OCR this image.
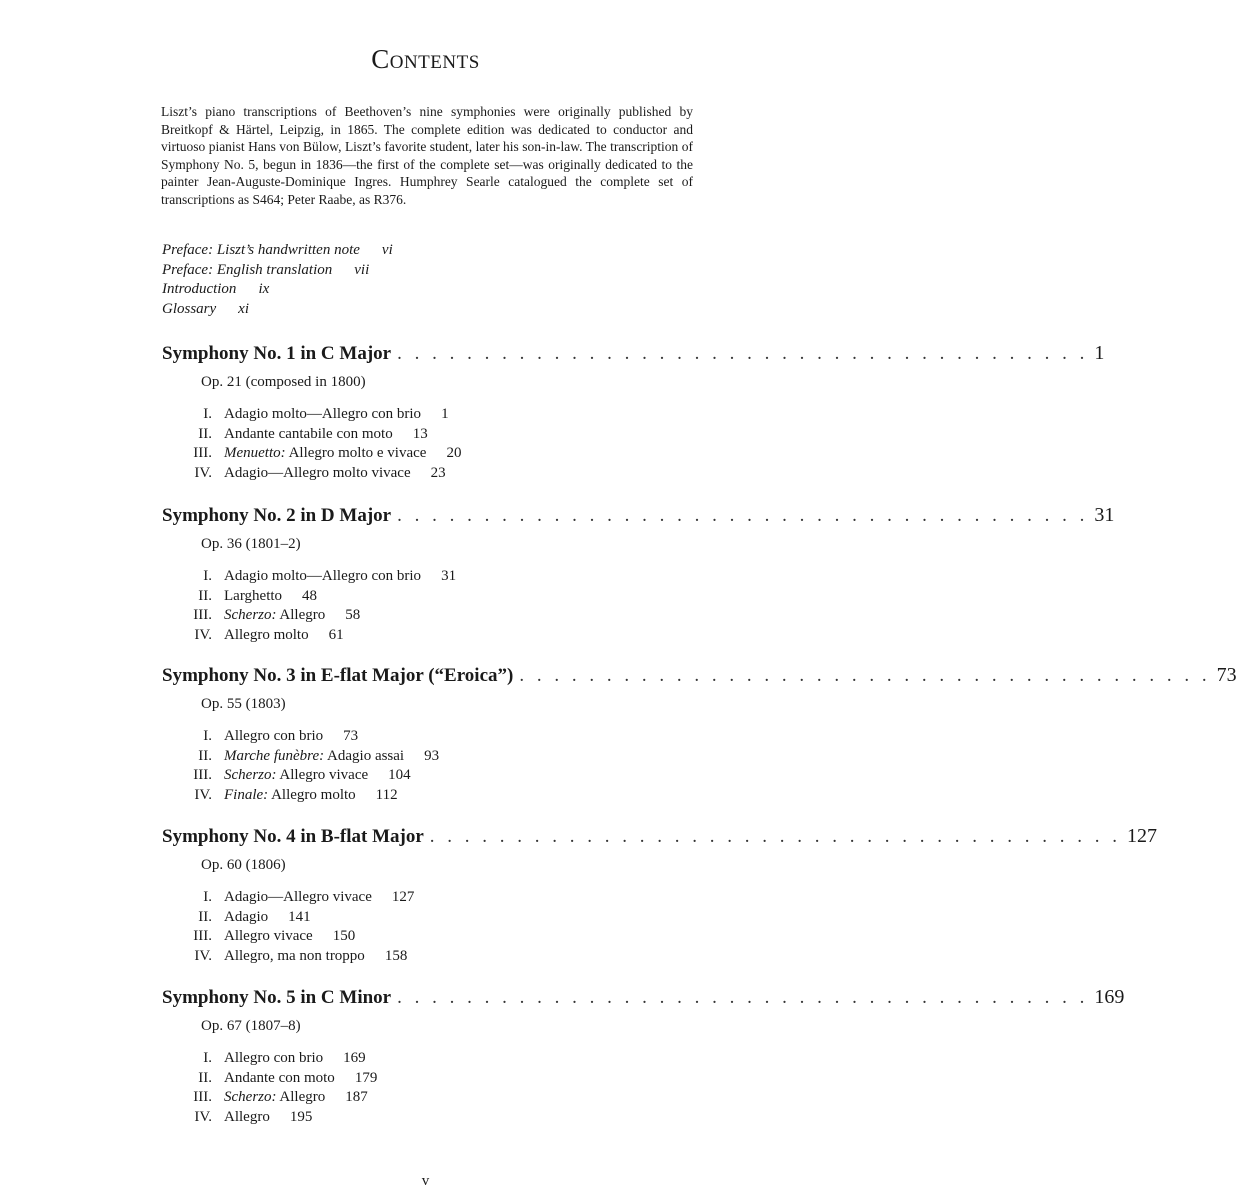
Contents
Liszt’s piano transcriptions of Beethoven’s nine symphonies were originally published by Breitkopf & Härtel, Leipzig, in 1865. The complete edition was dedicated to conductor and virtuoso pianist Hans von Bülow, Liszt’s favorite student, later his son-in-law. The transcription of Symphony No. 5, begun in 1836—the first of the complete set—was originally dedicated to the painter Jean-Auguste-Dominique Ingres. Humphrey Searle catalogued the complete set of transcriptions as S464; Peter Raabe, as R376.
Preface: Liszt’s handwritten note vi
Preface: English translation vii
Introduction ix
Glossary xi
Symphony No. 1 in C Major . . . . . . . . . . . . . . . . . . . . . . . . . . . . . . . . . . . . . . . . 1
Op. 21 (composed in 1800)
I. Adagio molto—Allegro con brio 1
II. Andante cantabile con moto 13
III. Menuetto: Allegro molto e vivace 20
IV. Adagio—Allegro molto vivace 23
Symphony No. 2 in D Major . . . . . . . . . . . . . . . . . . . . . . . . . . . . . . . . . . . . . . . . 31
Op. 36 (1801–2)
I. Adagio molto—Allegro con brio 31
II. Larghetto 48
III. Scherzo: Allegro 58
IV. Allegro molto 61
Symphony No. 3 in E-flat Major (“Eroica”) . . . . . . . . . . . . . . . . . . . . . . . . . . . . . . . . . . . . . . . . 73
Op. 55 (1803)
I. Allegro con brio 73
II. Marche funèbre: Adagio assai 93
III. Scherzo: Allegro vivace 104
IV. Finale: Allegro molto 112
Symphony No. 4 in B-flat Major . . . . . . . . . . . . . . . . . . . . . . . . . . . . . . . . . . . . . . . . 127
Op. 60 (1806)
I. Adagio—Allegro vivace 127
II. Adagio 141
III. Allegro vivace 150
IV. Allegro, ma non troppo 158
Symphony No. 5 in C Minor . . . . . . . . . . . . . . . . . . . . . . . . . . . . . . . . . . . . . . . . 169
Op. 67 (1807–8)
I. Allegro con brio 169
II. Andante con moto 179
III. Scherzo: Allegro 187
IV. Allegro 195
v
